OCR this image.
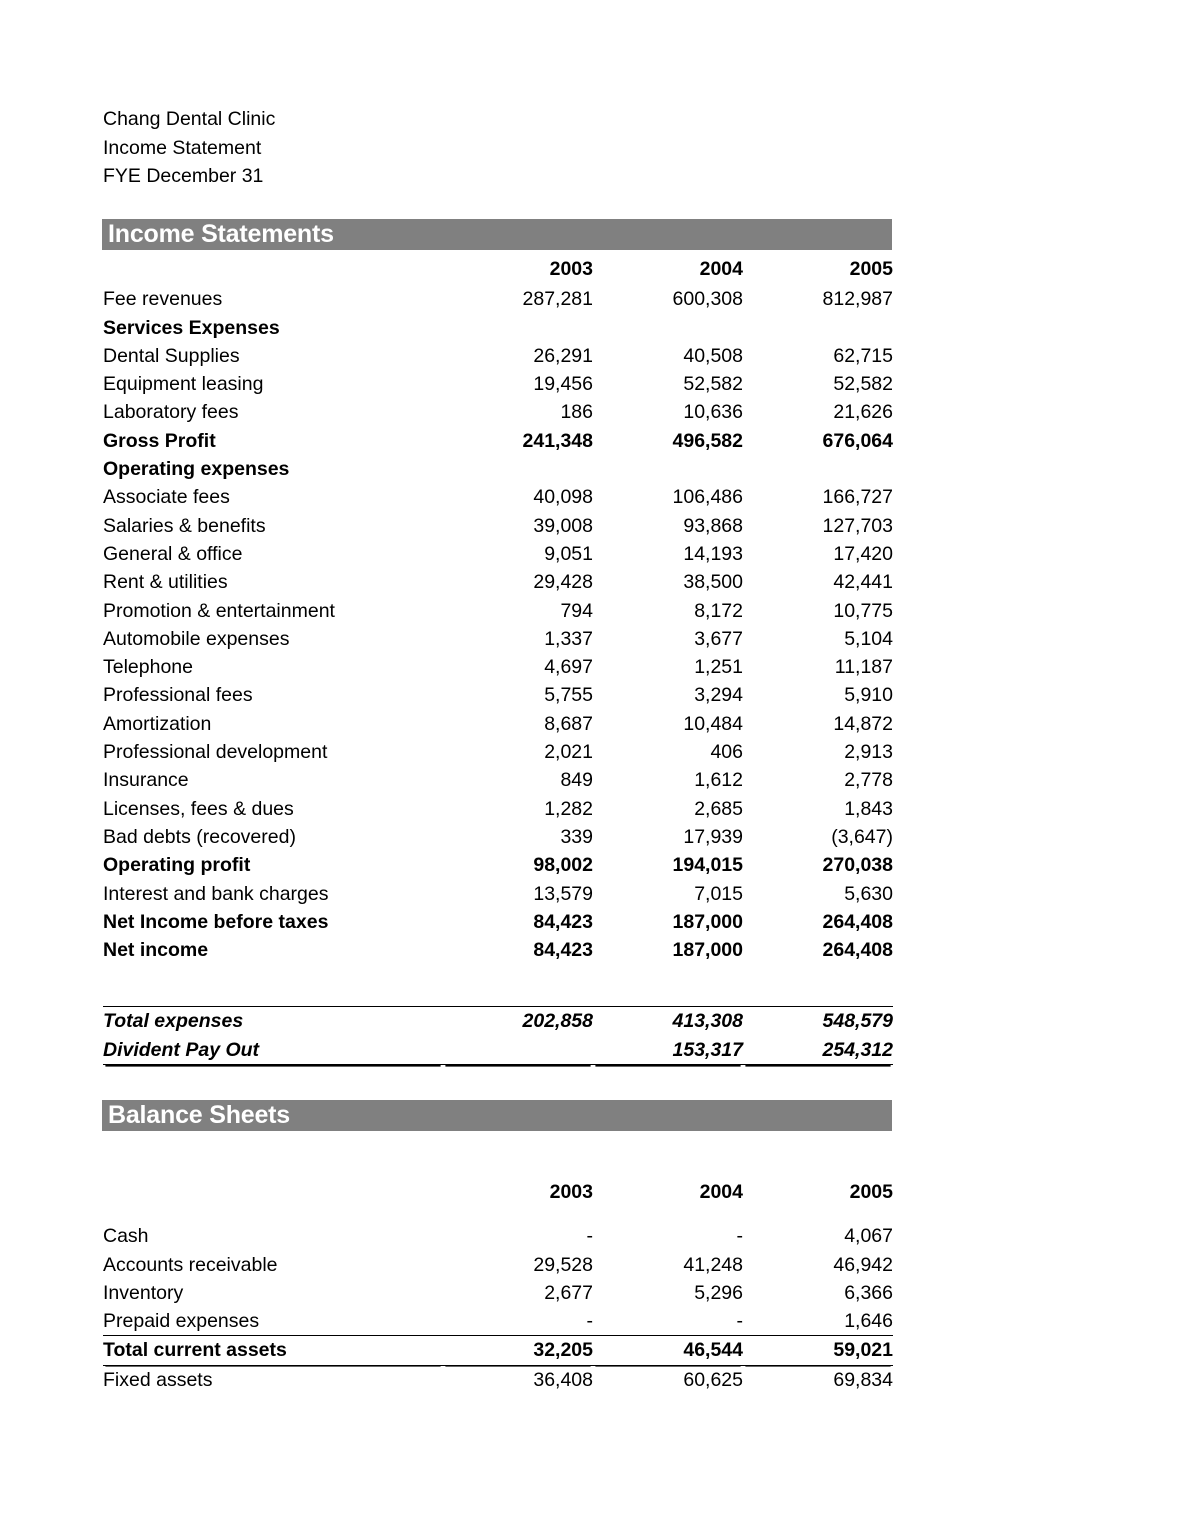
Chang Dental Clinic
Income Statement
FYE December 31
Income Statements
	2003	2004	2005
Fee revenues	287,281	600,308	812,987
Services Expenses			
Dental Supplies	26,291	40,508	62,715
Equipment leasing	19,456	52,582	52,582
Laboratory fees	186	10,636	21,626
Gross Profit	241,348	496,582	676,064
Operating expenses			
Associate fees	40,098	106,486	166,727
Salaries & benefits	39,008	93,868	127,703
General & office	9,051	14,193	17,420
Rent & utilities	29,428	38,500	42,441
Promotion & entertainment	794	8,172	10,775
Automobile expenses	1,337	3,677	5,104
Telephone	4,697	1,251	11,187
Professional fees	5,755	3,294	5,910
Amortization	8,687	10,484	14,872
Professional development	2,021	406	2,913
Insurance	849	1,612	2,778
Licenses, fees & dues	1,282	2,685	1,843
Bad debts (recovered)	339	17,939	(3,647)
Operating profit	98,002	194,015	270,038
Interest and bank charges	13,579	7,015	5,630
Net Income before taxes	84,423	187,000	264,408
Net income	84,423	187,000	264,408

Total expenses	202,858	413,308	548,579
Divident Pay Out		153,317	254,312
Balance Sheets
	2003	2004	2005

Cash	-	-	4,067
Accounts receivable	29,528	41,248	46,942
Inventory	2,677	5,296	6,366
Prepaid expenses	-	-	1,646
Total current assets	32,205	46,544	59,021
Fixed assets	36,408	60,625	69,834
